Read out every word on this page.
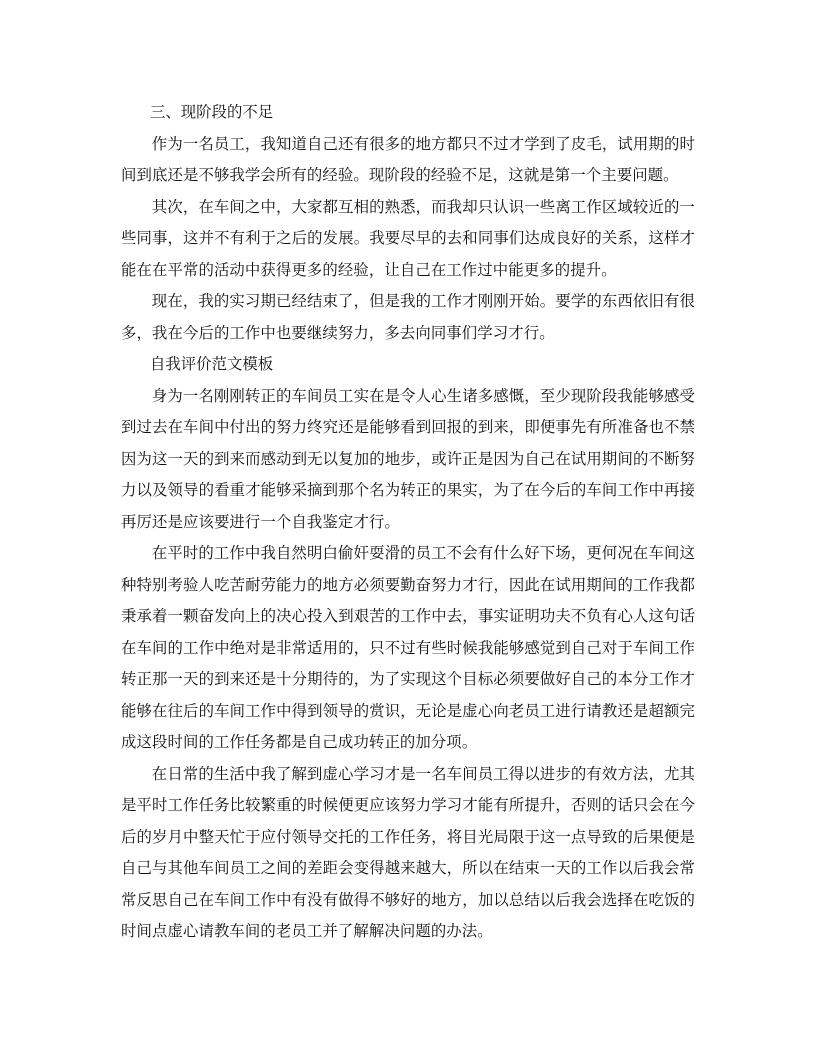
三、现阶段的不足

作为一名员工，我知道自己还有很多的地方都只不过才学到了皮毛，试用期的时间到底还是不够我学会所有的经验。现阶段的经验不足，这就是第一个主要问题。

其次，在车间之中，大家都互相的熟悉，而我却只认识一些离工作区域较近的一些同事，这并不有利于之后的发展。我要尽早的去和同事们达成良好的关系，这样才能在在平常的活动中获得更多的经验，让自己在工作过中能更多的提升。

现在，我的实习期已经结束了，但是我的工作才刚刚开始。要学的东西依旧有很多，我在今后的工作中也要继续努力，多去向同事们学习才行。

自我评价范文模板

身为一名刚刚转正的车间员工实在是令人心生诸多感慨，至少现阶段我能够感受到过去在车间中付出的努力终究还是能够看到回报的到来，即便事先有所准备也不禁因为这一天的到来而感动到无以复加的地步，或许正是因为自己在试用期间的不断努力以及领导的看重才能够采摘到那个名为转正的果实，为了在今后的车间工作中再接再厉还是应该要进行一个自我鉴定才行。

在平时的工作中我自然明白偷奸耍滑的员工不会有什么好下场，更何况在车间这种特别考验人吃苦耐劳能力的地方必须要勤奋努力才行，因此在试用期间的工作我都秉承着一颗奋发向上的决心投入到艰苦的工作中去，事实证明功夫不负有心人这句话在车间的工作中绝对是非常适用的，只不过有些时候我能够感觉到自己对于车间工作转正那一天的到来还是十分期待的，为了实现这个目标必须要做好自己的本分工作才能够在往后的车间工作中得到领导的赏识，无论是虚心向老员工进行请教还是超额完成这段时间的工作任务都是自己成功转正的加分项。

在日常的生活中我了解到虚心学习才是一名车间员工得以进步的有效方法，尤其是平时工作任务比较繁重的时候便更应该努力学习才能有所提升，否则的话只会在今后的岁月中整天忙于应付领导交托的工作任务，将目光局限于这一点导致的后果便是自己与其他车间员工之间的差距会变得越来越大，所以在结束一天的工作以后我会常常反思自己在车间工作中有没有做得不够好的地方，加以总结以后我会选择在吃饭的时间点虚心请教车间的老员工并了解解决问题的办法。
